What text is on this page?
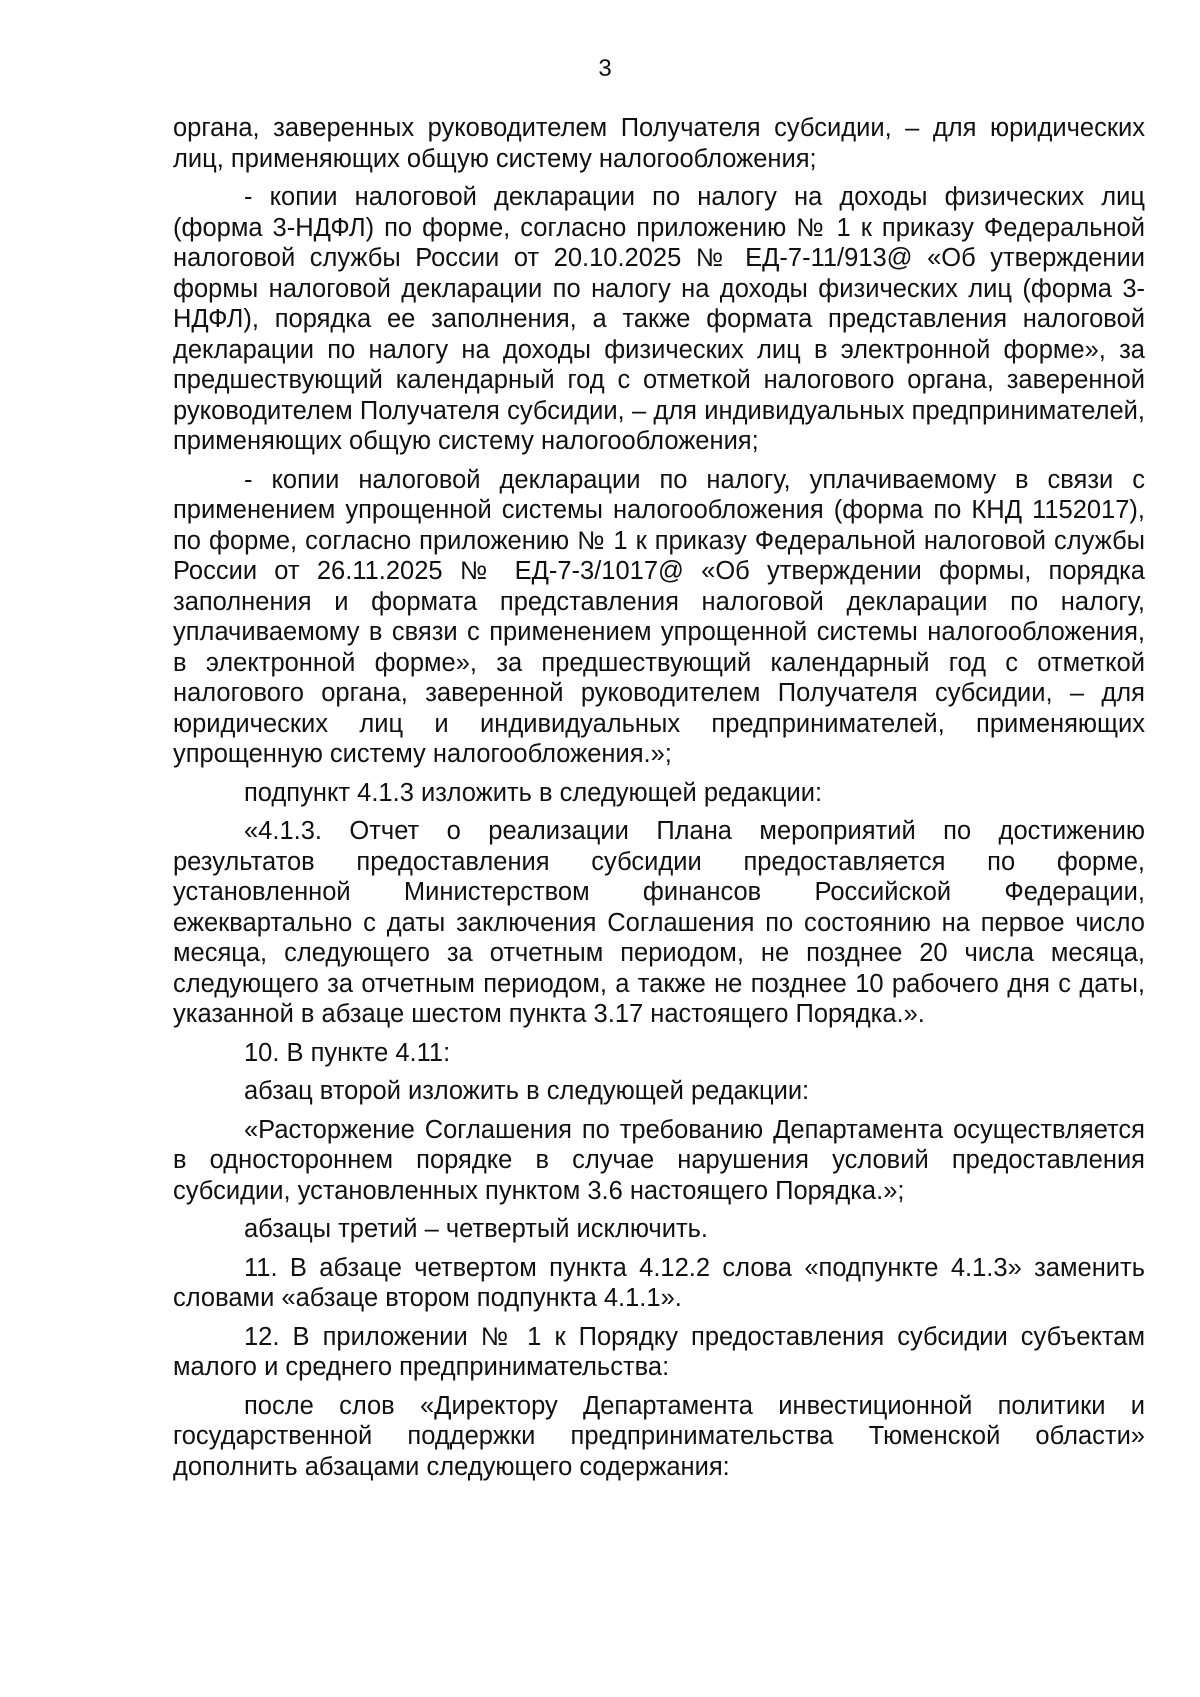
3

органа, заверенных руководителем Получателя субсидии, – для юридических лиц, применяющих общую систему налогообложения;

- копии налоговой декларации по налогу на доходы физических лиц (форма 3-НДФЛ) по форме, согласно приложению № 1 к приказу Федеральной налоговой службы России от 20.10.2025 № ЕД-7-11/913@ «Об утверждении формы налоговой декларации по налогу на доходы физических лиц (форма 3-НДФЛ), порядка ее заполнения, а также формата представления налоговой декларации по налогу на доходы физических лиц в электронной форме», за предшествующий календарный год с отметкой налогового органа, заверенной руководителем Получателя субсидии, – для индивидуальных предпринимателей, применяющих общую систему налогообложения;

- копии налоговой декларации по налогу, уплачиваемому в связи с применением упрощенной системы налогообложения (форма по КНД 1152017), по форме, согласно приложению № 1 к приказу Федеральной налоговой службы России от 26.11.2025 № ЕД-7-3/1017@ «Об утверждении формы, порядка заполнения и формата представления налоговой декларации по налогу, уплачиваемому в связи с применением упрощенной системы налогообложения, в электронной форме», за предшествующий календарный год с отметкой налогового органа, заверенной руководителем Получателя субсидии, – для юридических лиц и индивидуальных предпринимателей, применяющих упрощенную систему налогообложения.»;

подпункт 4.1.3 изложить в следующей редакции:

«4.1.3. Отчет о реализации Плана мероприятий по достижению результатов предоставления субсидии предоставляется по форме, установленной Министерством финансов Российской Федерации, ежеквартально с даты заключения Соглашения по состоянию на первое число месяца, следующего за отчетным периодом, не позднее 20 числа месяца, следующего за отчетным периодом, а также не позднее 10 рабочего дня с даты, указанной в абзаце шестом пункта 3.17 настоящего Порядка.».

10. В пункте 4.11:

абзац второй изложить в следующей редакции:

«Расторжение Соглашения по требованию Департамента осуществляется в одностороннем порядке в случае нарушения условий предоставления субсидии, установленных пунктом 3.6 настоящего Порядка.»;

абзацы третий – четвертый исключить.

11. В абзаце четвертом пункта 4.12.2 слова «подпункте 4.1.3» заменить словами «абзаце втором подпункта 4.1.1».

12. В приложении № 1 к Порядку предоставления субсидии субъектам малого и среднего предпринимательства:

после слов «Директору Департамента инвестиционной политики и государственной поддержки предпринимательства Тюменской области» дополнить абзацами следующего содержания:
